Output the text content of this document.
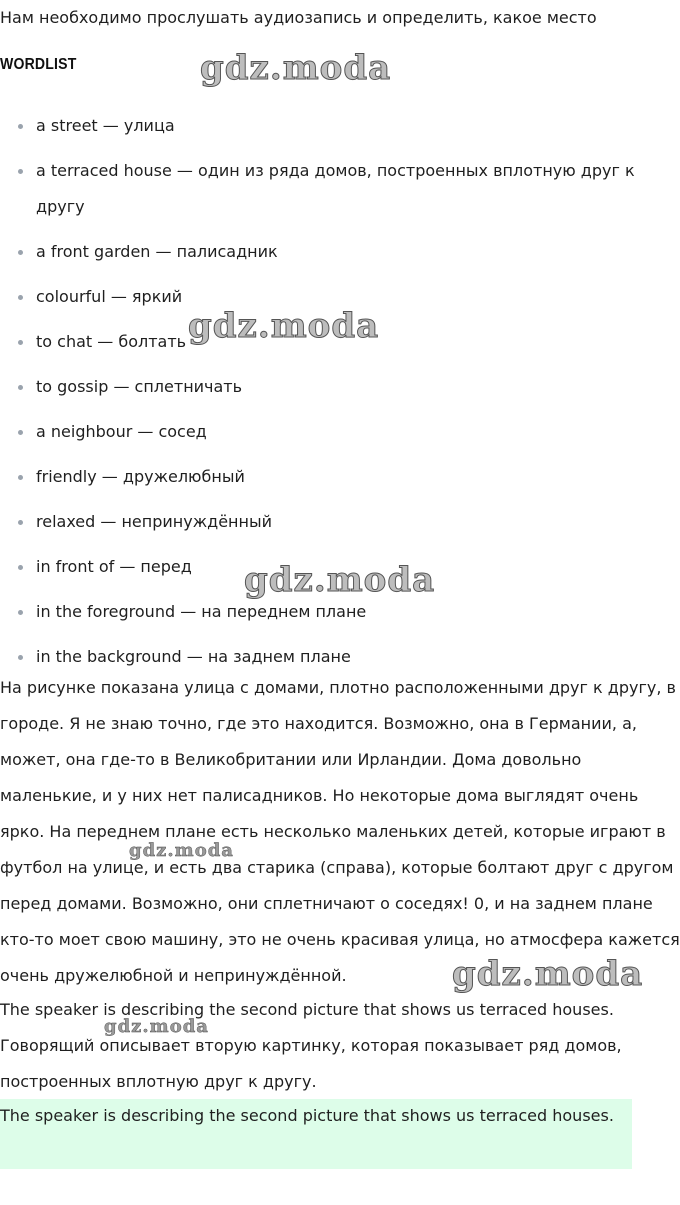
Нам необходимо прослушать аудиозапись и определить, какое место
WORDLIST
a street — улица
a terraced house — один из ряда домов, построенных вплотную друг к другу
a front garden — палисадник
colourful — яркий
to chat — болтать
to gossip — сплетничать
a neighbour — сосед
friendly — дружелюбный
relaxed — непринуждённый
in front of — перед
in the foreground — на переднем плане
in the background — на заднем плане

На рисунке показана улица с домами, плотно расположенными друг к другу, в городе. Я не знаю точно, где это находится. Возможно, она в Германии, а, может, она где-то в Великобритании или Ирландии. Дома довольно маленькие, и у них нет палисадников. Но некоторые дома выглядят очень ярко. На переднем плане есть несколько маленьких детей, которые играют в футбол на улице, и есть два старика (справа), которые болтают друг с другом перед домами. Возможно, они сплетничают о соседях! 0, и на заднем плане кто-то моет свою машину, это не очень красивая улица, но атмосфера кажется очень дружелюбной и непринуждённой.

The speaker is describing the second picture that shows us terraced houses.

Говорящий описывает вторую картинку, которая показывает ряд домов, построенных вплотную друг к другу.

The speaker is describing the second picture that shows us terraced houses.

gdz.moda
gdz.moda
gdz.moda
gdz.moda
gdz.moda
gdz.moda
